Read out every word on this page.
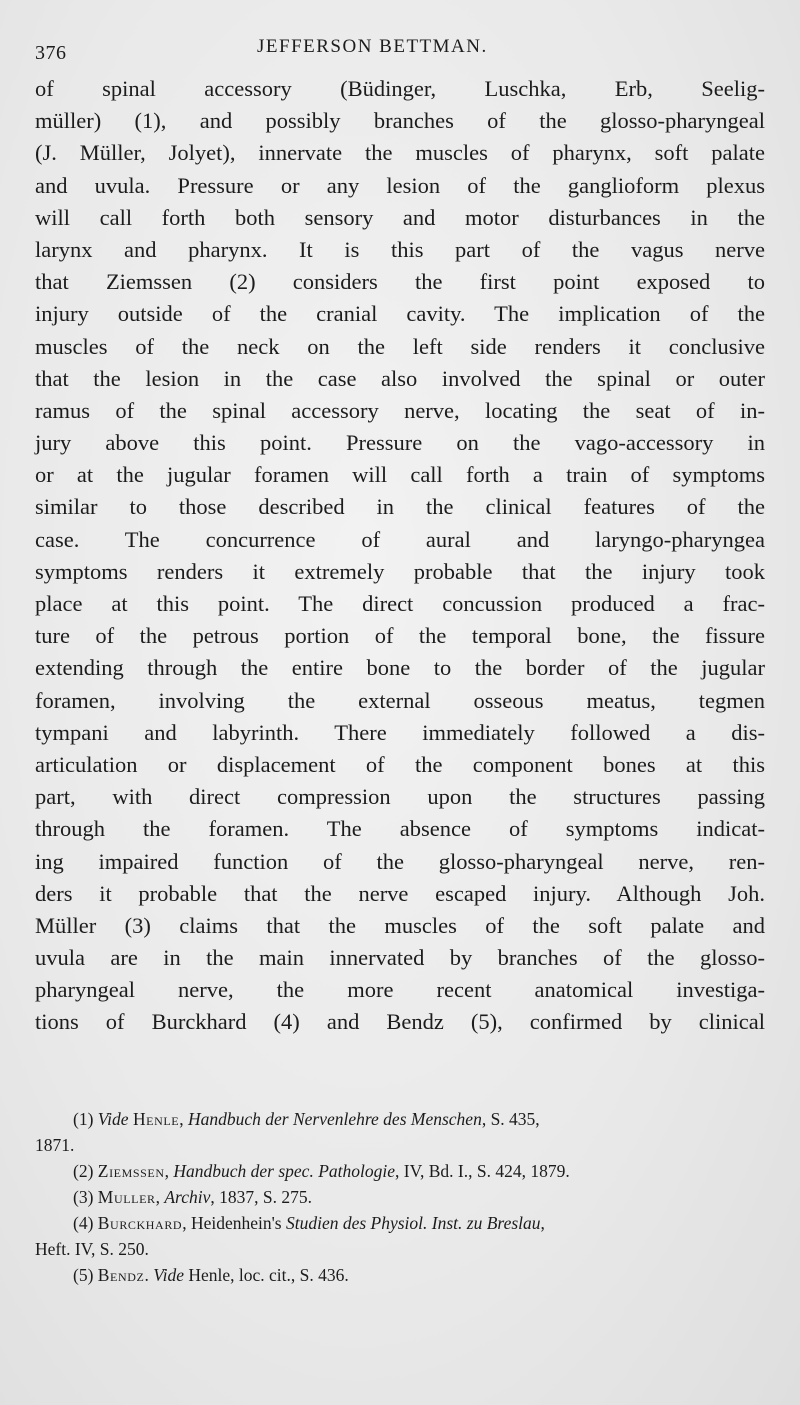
376	JEFFERSON BETTMAN.
of spinal accessory (Büdinger, Luschka, Erb, Seelig-
müller) (1), and possibly branches of the glosso-pharyngeal
(J. Müller, Jolyet), innervate the muscles of pharynx, soft palate
and uvula. Pressure or any lesion of the ganglioform plexus
will call forth both sensory and motor disturbances in the
larynx and pharynx. It is this part of the vagus nerve
that Ziemssen (2) considers the first point exposed to
injury outside of the cranial cavity. The implication of the
muscles of the neck on the left side renders it conclusive
that the lesion in the case also involved the spinal or outer
ramus of the spinal accessory nerve, locating the seat of in-
jury above this point. Pressure on the vago-accessory in
or at the jugular foramen will call forth a train of symptoms
similar to those described in the clinical features of the
case. The concurrence of aural and laryngo-pharyngea
symptoms renders it extremely probable that the injury took
place at this point. The direct concussion produced a frac-
ture of the petrous portion of the temporal bone, the fissure
extending through the entire bone to the border of the jugular
foramen, involving the external osseous meatus, tegmen
tympani and labyrinth. There immediately followed a dis-
articulation or displacement of the component bones at this
part, with direct compression upon the structures passing
through the foramen. The absence of symptoms indicat-
ing impaired function of the glosso-pharyngeal nerve, ren-
ders it probable that the nerve escaped injury. Although Joh.
Müller (3) claims that the muscles of the soft palate and
uvula are in the main innervated by branches of the glosso-
pharyngeal nerve, the more recent anatomical investiga-
tions of Burckhard (4) and Bendz (5), confirmed by clinical
(1) Vide Henle, Handbuch der Nervenlehre des Menschen, S. 435,
1871.
(2) Ziemssen, Handbuch der spec. Pathologie, IV, Bd. I., S. 424, 1879.
(3) Muller, Archiv, 1837, S. 275.
(4) Burckhard, Heidenhein's Studien des Physiol. Inst. zu Breslau,
Heft. IV, S. 250.
(5) Bendz. Vide Henle, loc. cit., S. 436.
